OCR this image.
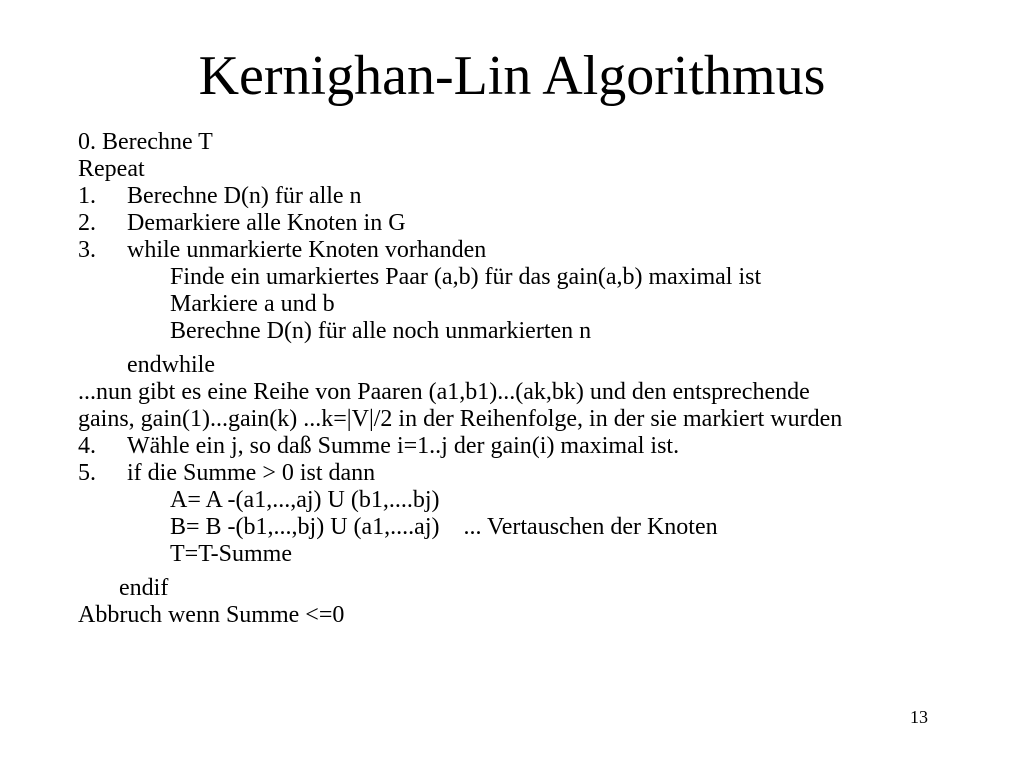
Kernighan-Lin Algorithmus
0. Berechne T
Repeat
1. Berechne D(n) für alle n
2. Demarkiere alle Knoten in G
3. while unmarkierte Knoten vorhanden
Finde ein umarkiertes Paar (a,b) für das gain(a,b) maximal ist
Markiere a und b
Berechne D(n) für alle noch unmarkierten n
endwhile
...nun gibt es eine Reihe von Paaren (a1,b1)...(ak,bk) und den entsprechende
gains, gain(1)...gain(k) ...k=|V|/2 in der Reihenfolge, in der sie markiert wurden
4. Wähle ein j, so daß Summe i=1..j der gain(i) maximal ist.
5. if die Summe > 0 ist dann
A= A -(a1,...,aj) U (b1,....bj)
B= B -(b1,...,bj) U (a1,....aj)    ... Vertauschen der Knoten
T=T-Summe
endif
Abbruch wenn Summe <=0
13
